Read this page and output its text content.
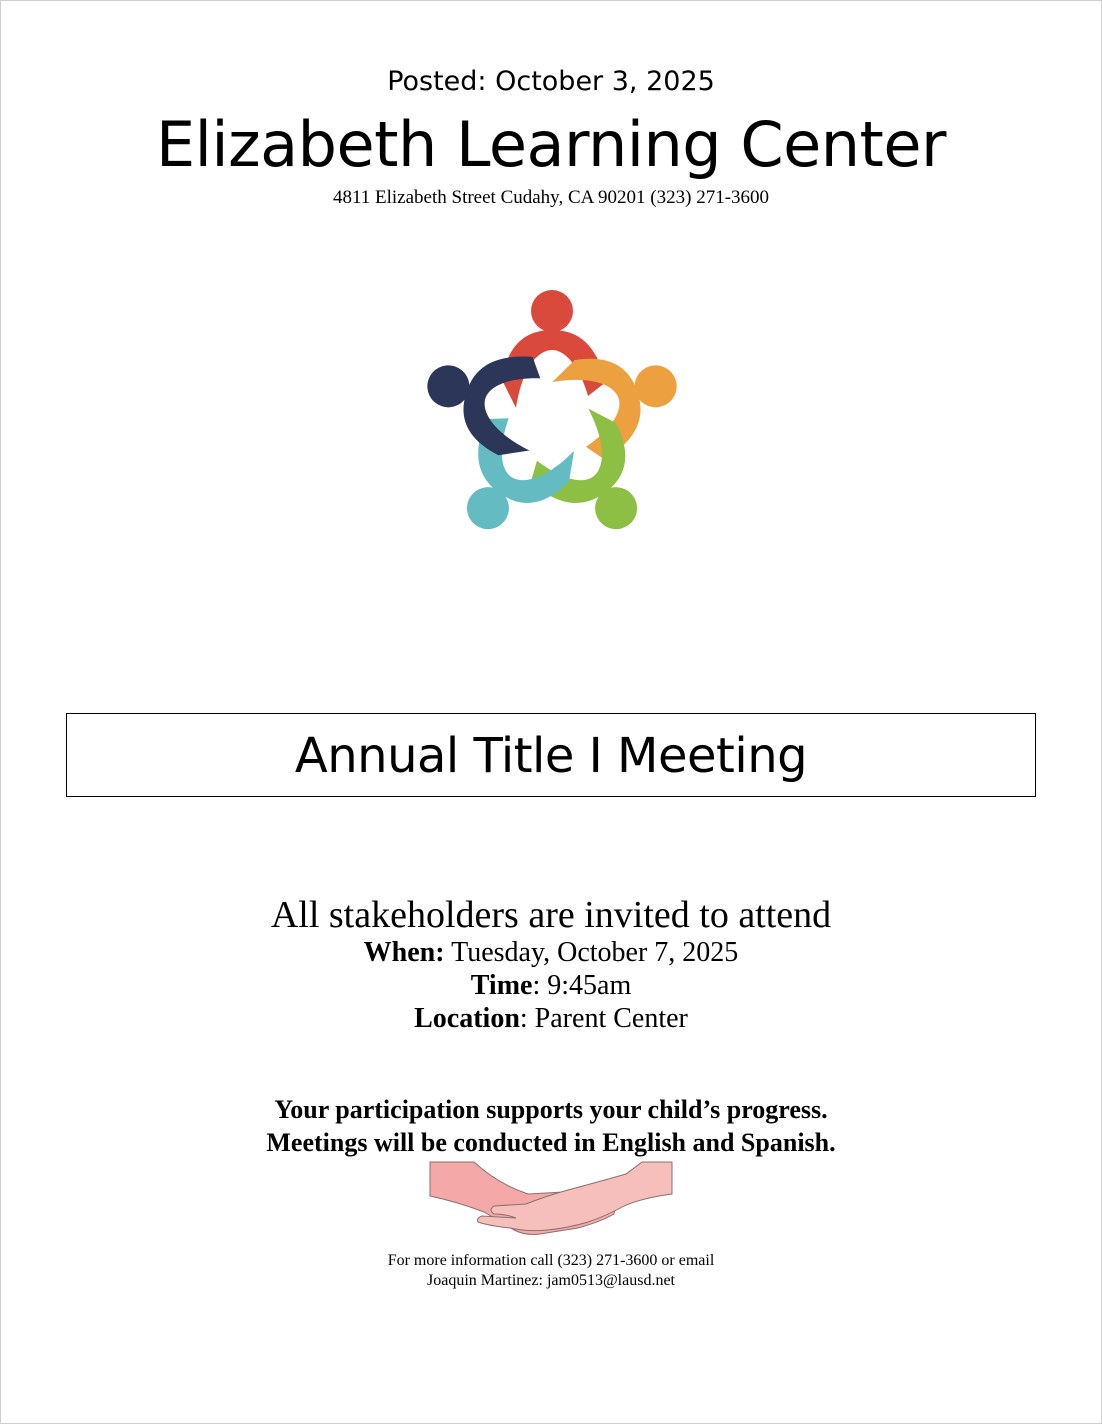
Posted: October 3, 2025
Elizabeth Learning Center
4811 Elizabeth Street Cudahy, CA 90201 (323) 271-3600
Annual Title I Meeting
All stakeholders are invited to attend
When: Tuesday, October 7, 2025
Time: 9:45am
Location: Parent Center
Your participation supports your child’s progress.
Meetings will be conducted in English and Spanish.
For more information call (323) 271-3600 or email
Joaquin Martinez: jam0513@lausd.net
